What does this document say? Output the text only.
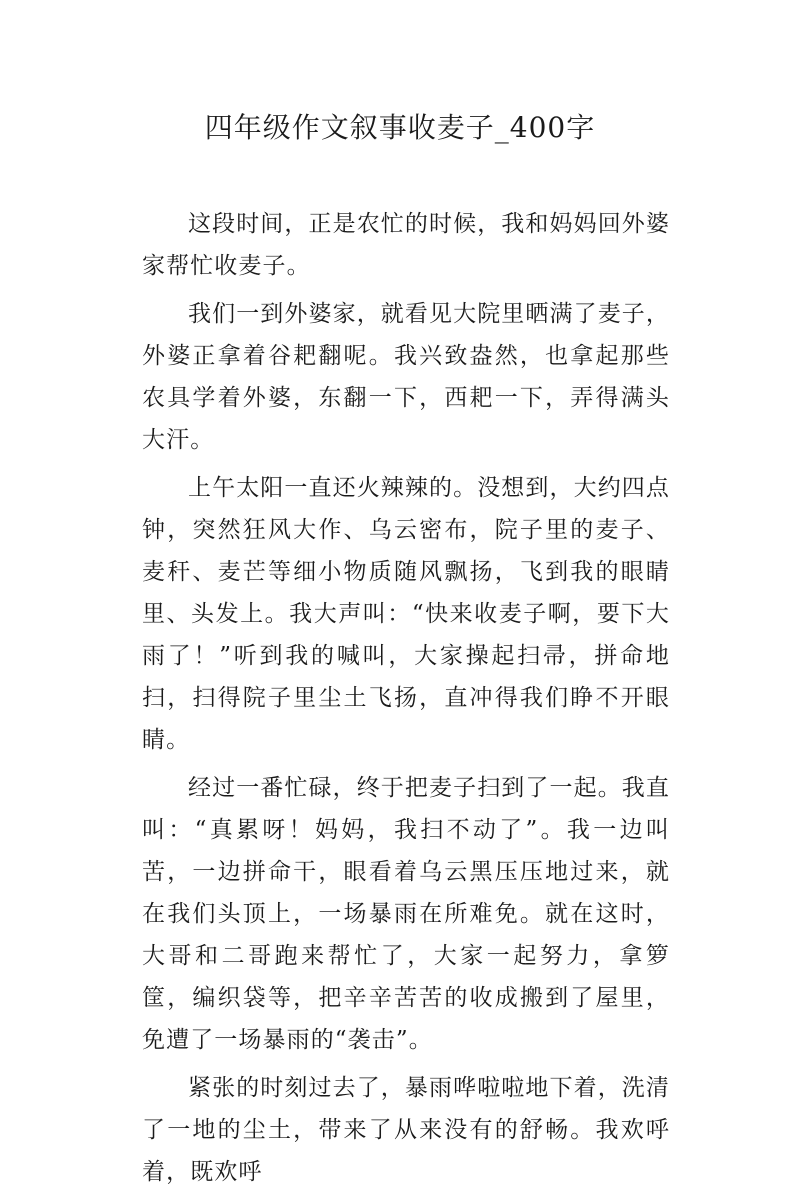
四年级作文叙事收麦子_400字

这段时间，正是农忙的时候，我和妈妈回外婆家帮忙收麦子。

我们一到外婆家，就看见大院里晒满了麦子，外婆正拿着谷耙翻呢。我兴致盎然，也拿起那些农具学着外婆，东翻一下，西耙一下，弄得满头大汗。

上午太阳一直还火辣辣的。没想到，大约四点钟，突然狂风大作、乌云密布，院子里的麦子、麦秆、麦芒等细小物质随风飘扬，飞到我的眼睛里、头发上。我大声叫：“快来收麦子啊，要下大雨了！”听到我的喊叫，大家操起扫帚，拼命地扫，扫得院子里尘土飞扬，直冲得我们睁不开眼睛。

经过一番忙碌，终于把麦子扫到了一起。我直叫：“真累呀！妈妈，我扫不动了”。我一边叫苦，一边拼命干，眼看着乌云黑压压地过来，就在我们头顶上，一场暴雨在所难免。就在这时，大哥和二哥跑来帮忙了，大家一起努力，拿箩筐，编织袋等，把辛辛苦苦的收成搬到了屋里，免遭了一场暴雨的“袭击”。

紧张的时刻过去了，暴雨哗啦啦地下着，洗清了一地的尘土，带来了从来没有的舒畅。我欢呼着，既欢呼
